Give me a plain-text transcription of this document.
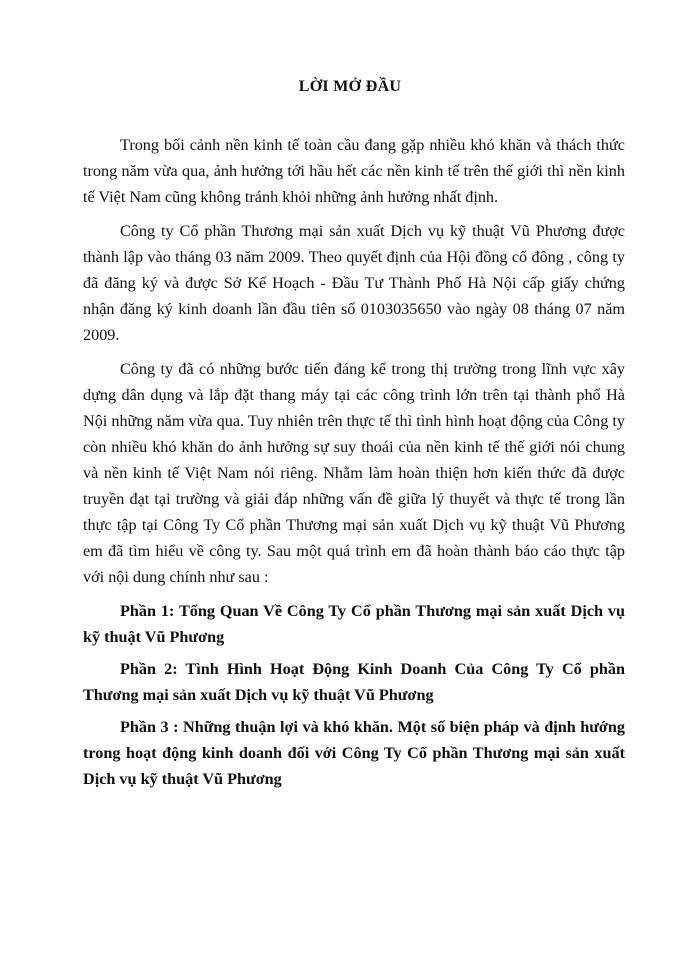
LỜI MỞ ĐẦU

Trong bối cảnh nền kinh tế toàn cầu đang gặp nhiều khó khăn và thách thức trong năm vừa qua, ảnh hưởng tới hầu hết các nền kinh tế trên thế giới thì nền kinh tế Việt Nam cũng không tránh khỏi những ảnh hưởng nhất định.

Công ty Cổ phần Thương mại sản xuất Dịch vụ kỹ thuật Vũ Phương được thành lập vào tháng 03 năm 2009. Theo quyết định của Hội đồng cổ đông , công ty đã đăng ký và được Sở Kế Hoạch - Đầu Tư Thành Phố Hà Nội cấp giấy chứng nhận đăng ký kinh doanh lần đầu tiên số 0103035650 vào ngày 08 tháng 07 năm 2009.

Công ty đã có những bước tiến đáng kể trong thị trường trong lĩnh vực xây dựng dân dụng và lắp đặt thang máy tại các công trình lớn trên tại thành phố Hà Nội những năm vừa qua. Tuy nhiên trên thực tế thì tình hình hoạt động của Công ty còn nhiều khó khăn do ảnh hưởng sự suy thoái của nền kinh tế thế giới nói chung và nền kinh tế Việt Nam nói riêng. Nhằm làm hoàn thiện hơn kiến thức đã được truyền đạt tại trường và giải đáp những vấn đề giữa lý thuyết và thực tế trong lần thực tập tại Công Ty Cổ phần Thương mại sản xuất Dịch vụ kỹ thuật Vũ Phương em đã tìm hiểu về công ty. Sau một quá trình em đã hoàn thành báo cáo thực tập với nội dung chính như sau :

Phần 1: Tổng Quan Về Công Ty Cổ phần Thương mại sản xuất Dịch vụ kỹ thuật Vũ Phương

Phần 2: Tình Hình Hoạt Động Kinh Doanh Của Công Ty Cổ phần Thương mại sản xuất Dịch vụ kỹ thuật Vũ Phương

Phần 3 : Những thuận lợi và khó khăn. Một số biện pháp và định hướng trong hoạt động kinh doanh đối với Công Ty Cổ phần Thương mại sản xuất Dịch vụ kỹ thuật Vũ Phương
